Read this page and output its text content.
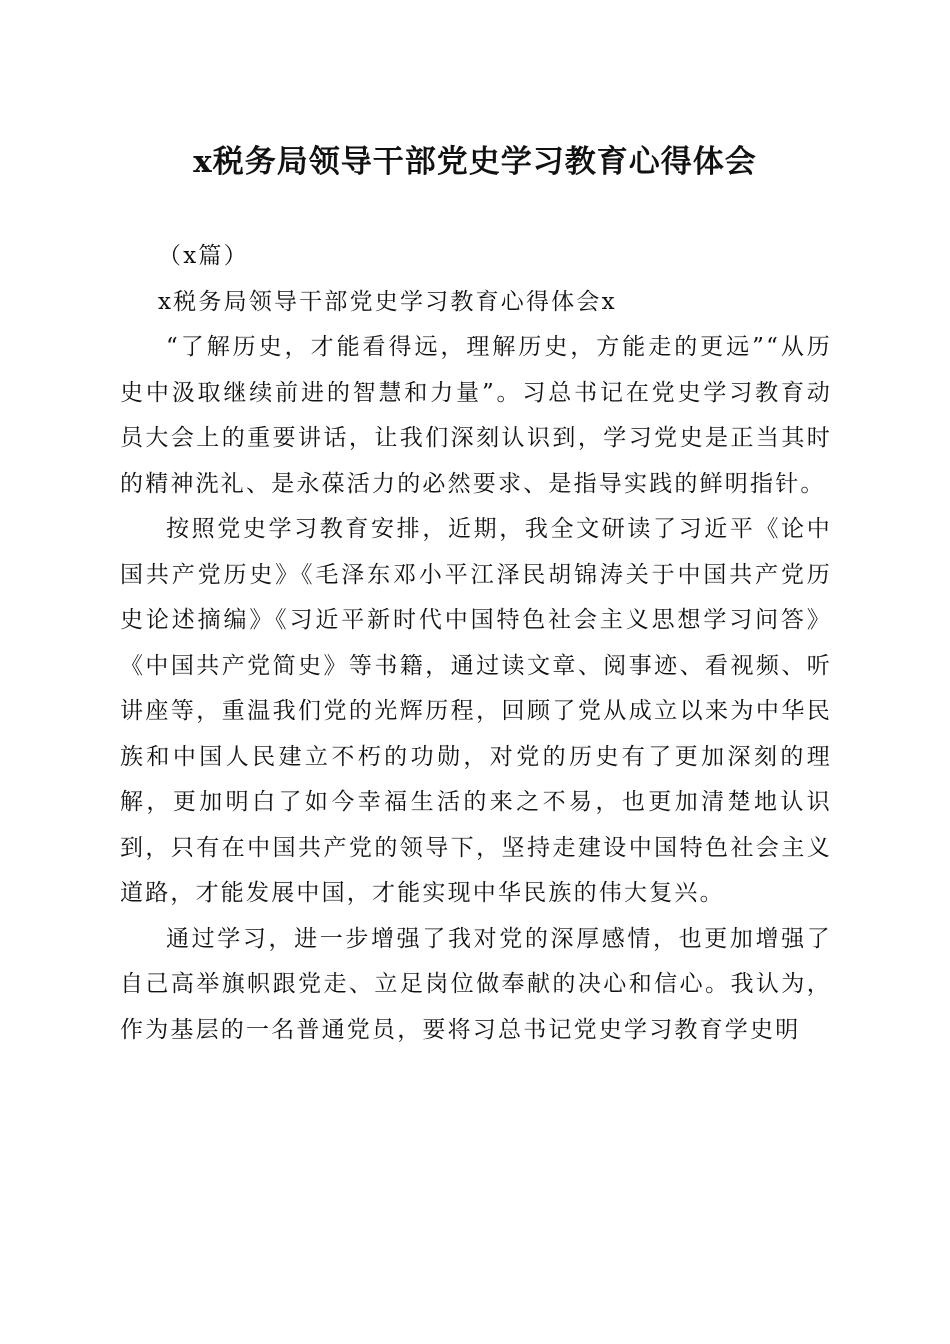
x税务局领导干部党史学习教育心得体会

（x篇）

x税务局领导干部党史学习教育心得体会x

“了解历史，才能看得远，理解历史，方能走的更远”“从历史中汲取继续前进的智慧和力量”。习总书记在党史学习教育动员大会上的重要讲话，让我们深刻认识到，学习党史是正当其时的精神洗礼、是永葆活力的必然要求、是指导实践的鲜明指针。

按照党史学习教育安排，近期，我全文研读了习近平《论中国共产党历史》《毛泽东邓小平江泽民胡锦涛关于中国共产党历史论述摘编》《习近平新时代中国特色社会主义思想学习问答》《中国共产党简史》等书籍，通过读文章、阅事迹、看视频、听讲座等，重温我们党的光辉历程，回顾了党从成立以来为中华民族和中国人民建立不朽的功勋，对党的历史有了更加深刻的理解，更加明白了如今幸福生活的来之不易，也更加清楚地认识到，只有在中国共产党的领导下，坚持走建设中国特色社会主义道路，才能发展中国，才能实现中华民族的伟大复兴。

通过学习，进一步增强了我对党的深厚感情，也更加增强了自己高举旗帜跟党走、立足岗位做奉献的决心和信心。我认为，作为基层的一名普通党员，要将习总书记党史学习教育学史明
